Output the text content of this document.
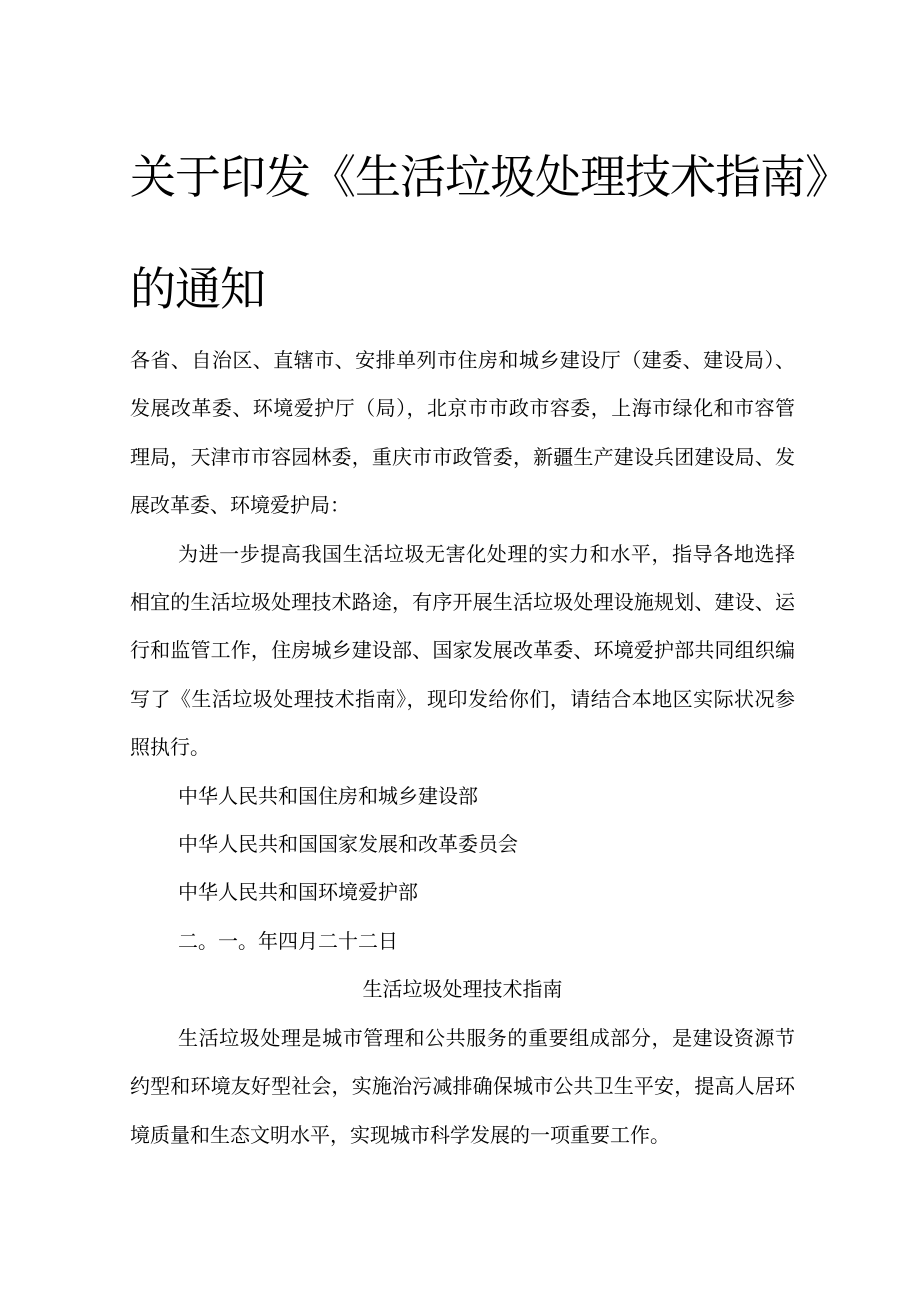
关于印发《生活垃圾处理技术指南》
的通知

各省、自治区、直辖市、安排单列市住房和城乡建设厅（建委、建设局）、发展改革委、环境爱护厅（局），北京市市政市容委，上海市绿化和市容管理局，天津市市容园林委，重庆市市政管委，新疆生产建设兵团建设局、发展改革委、环境爱护局：

为进一步提高我国生活垃圾无害化处理的实力和水平，指导各地选择相宜的生活垃圾处理技术路途，有序开展生活垃圾处理设施规划、建设、运行和监管工作，住房城乡建设部、国家发展改革委、环境爱护部共同组织编写了《生活垃圾处理技术指南》，现印发给你们，请结合本地区实际状况参照执行。

中华人民共和国住房和城乡建设部

中华人民共和国国家发展和改革委员会

中华人民共和国环境爱护部

二。一。年四月二十二日

生活垃圾处理技术指南

生活垃圾处理是城市管理和公共服务的重要组成部分，是建设资源节约型和环境友好型社会，实施治污减排确保城市公共卫生平安，提高人居环境质量和生态文明水平，实现城市科学发展的一项重要工作。
